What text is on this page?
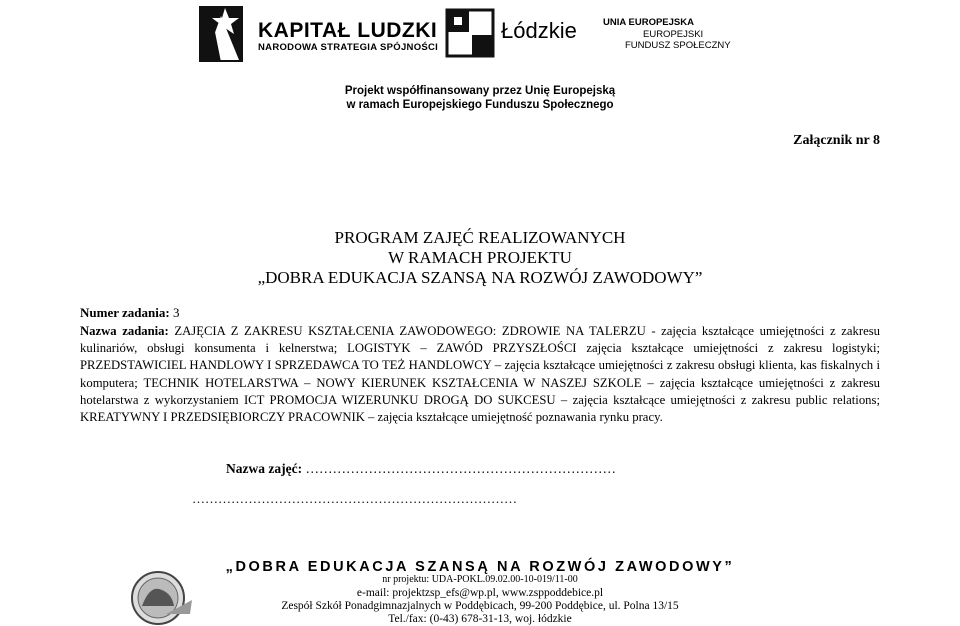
KAPITAŁ LUDZKI
NARODOWA STRATEGIA SPÓJNOŚCI
Łódzkie	UNIA EUROPEJSKA
EUROPEJSKI
FUNDUSZ SPOŁECZNY
Projekt współfinansowany przez Unię Europejską
w ramach Europejskiego Funduszu Społecznego
Załącznik nr 8
PROGRAM ZAJĘĆ REALIZOWANYCH
W RAMACH PROJEKTU
„DOBRA EDUKACJA SZANSĄ NA ROZWÓJ ZAWODOWY”
Numer zadania: 3
Nazwa zadania: ZAJĘCIA Z ZAKRESU KSZTAŁCENIA ZAWODOWEGO: ZDROWIE NA TALERZU - zajęcia kształcące umiejętności z zakresu kulinariów, obsługi konsumenta i kelnerstwa; LOGISTYK – ZAWÓD PRZYSZŁOŚCI zajęcia kształcące umiejętności z zakresu logistyki; PRZEDSTAWICIEL HANDLOWY I SPRZEDAWCA TO TEŻ HANDLOWCY – zajęcia kształcące umiejętności z zakresu obsługi klienta, kas fiskalnych i komputera; TECHNIK HOTELARSTWA – NOWY KIERUNEK KSZTAŁCENIA W NASZEJ SZKOLE – zajęcia kształcące umiejętności z zakresu hotelarstwa z wykorzystaniem ICT PROMOCJA WIZERUNKU DROGĄ DO SUKCESU – zajęcia kształcące umiejętności z zakresu public relations; KREATYWNY I PRZEDSIĘBIORCZY PRACOWNIK – zajęcia kształcące umiejętność poznawania rynku pracy.
Nazwa zajęć: ……………………………………………………………
…………………………………………………………………
„DOBRA EDUKACJA SZANSĄ NA ROZWÓJ ZAWODOWY”
nr projektu: UDA-POKL.09.02.00-10-019/11-00
e-mail: projektzsp_efs@wp.pl, www.zsppoddebice.pl
Zespół Szkół Ponadgimnazjalnych w Poddębicach, 99-200 Poddębice, ul. Polna 13/15
Tel./fax: (0-43) 678-31-13, woj. łódzkie
